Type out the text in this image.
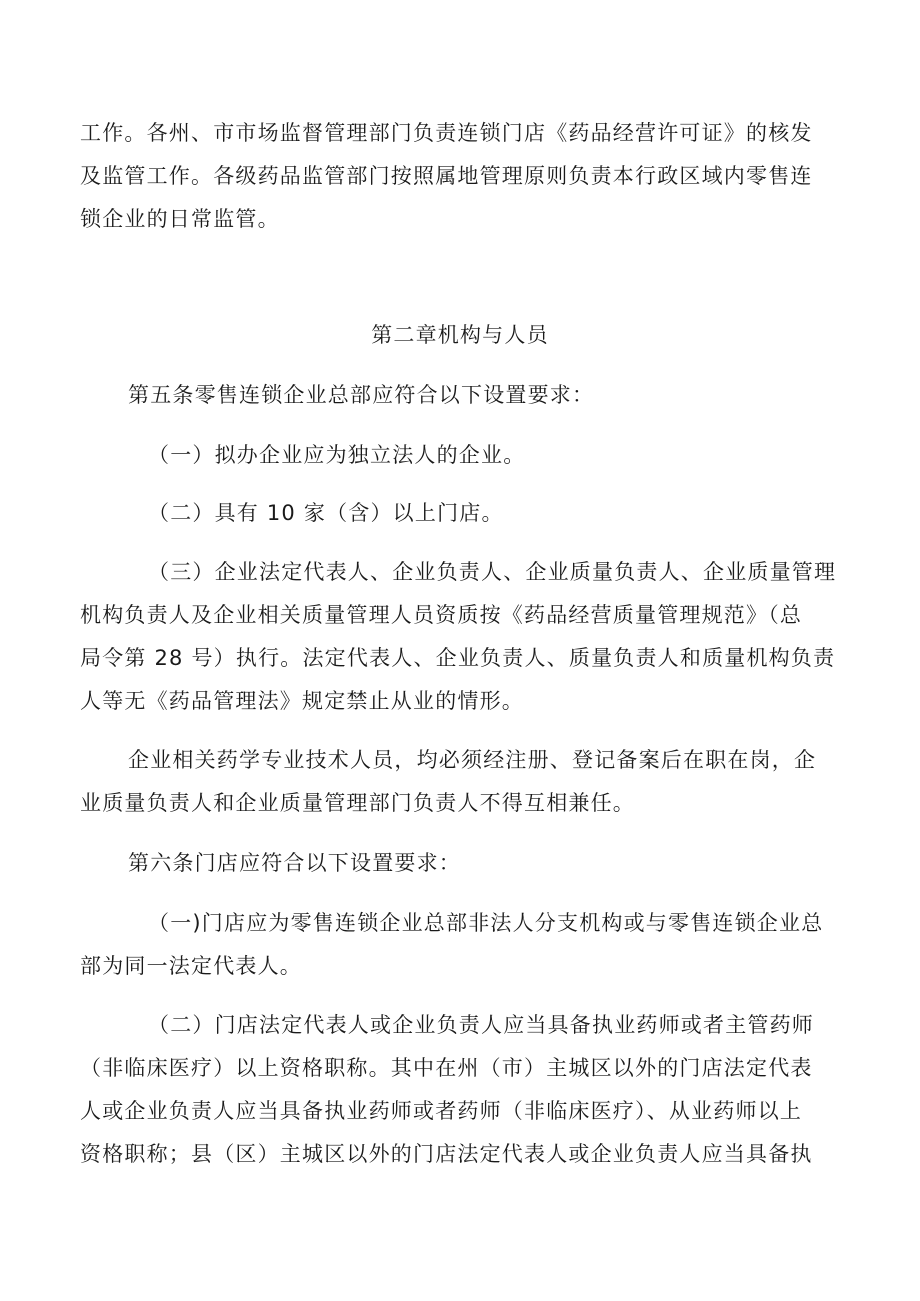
工作。各州、市市场监督管理部门负责连锁门店《药品经营许可证》的核发
及监管工作。各级药品监管部门按照属地管理原则负责本行政区域内零售连
锁企业的日常监管。
第二章机构与人员
第五条零售连锁企业总部应符合以下设置要求：
（一）拟办企业应为独立法人的企业。
（二）具有 10 家（含）以上门店。
（三）企业法定代表人、企业负责人、企业质量负责人、企业质量管理
机构负责人及企业相关质量管理人员资质按《药品经营质量管理规范》（总
局令第 28 号）执行。法定代表人、企业负责人、质量负责人和质量机构负责
人等无《药品管理法》规定禁止从业的情形。
企业相关药学专业技术人员，均必须经注册、登记备案后在职在岗，企
业质量负责人和企业质量管理部门负责人不得互相兼任。
第六条门店应符合以下设置要求：
（一)门店应为零售连锁企业总部非法人分支机构或与零售连锁企业总
部为同一法定代表人。
（二）门店法定代表人或企业负责人应当具备执业药师或者主管药师
（非临床医疗）以上资格职称。其中在州（市）主城区以外的门店法定代表
人或企业负责人应当具备执业药师或者药师（非临床医疗）、从业药师以上
资格职称；县（区）主城区以外的门店法定代表人或企业负责人应当具备执
